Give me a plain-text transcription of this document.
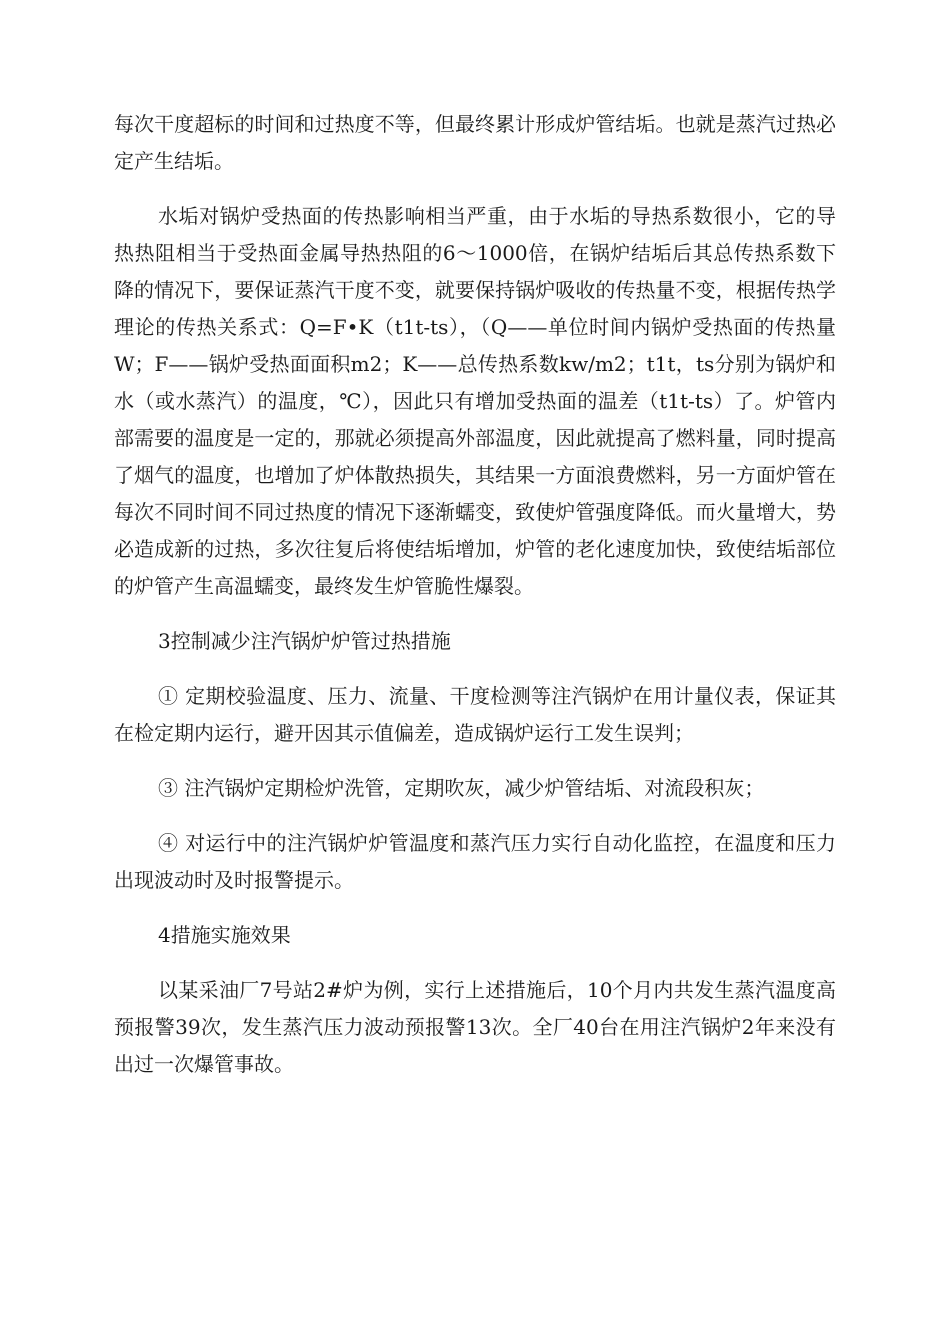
每次干度超标的时间和过热度不等，但最终累计形成炉管结垢。也就是蒸汽过热必定产生结垢。

水垢对锅炉受热面的传热影响相当严重，由于水垢的导热系数很小，它的导热热阻相当于受热面金属导热热阻的6～1000倍，在锅炉结垢后其总传热系数下降的情况下，要保证蒸汽干度不变，就要保持锅炉吸收的传热量不变，根据传热学理论的传热关系式：Q=F•K（t1t-ts），（Q——单位时间内锅炉受热面的传热量W；F——锅炉受热面面积m2；K——总传热系数kw/m2；t1t，ts分别为锅炉和水（或水蒸汽）的温度，℃），因此只有增加受热面的温差（t1t-ts）了。炉管内部需要的温度是一定的，那就必须提高外部温度，因此就提高了燃料量，同时提高了烟气的温度，也增加了炉体散热损失，其结果一方面浪费燃料，另一方面炉管在每次不同时间不同过热度的情况下逐渐蠕变，致使炉管强度降低。而火量增大，势必造成新的过热，多次往复后将使结垢增加，炉管的老化速度加快，致使结垢部位的炉管产生高温蠕变，最终发生炉管脆性爆裂。

3控制减少注汽锅炉炉管过热措施

① 定期校验温度、压力、流量、干度检测等注汽锅炉在用计量仪表，保证其在检定期内运行，避开因其示值偏差，造成锅炉运行工发生误判；

③ 注汽锅炉定期检炉洗管，定期吹灰，减少炉管结垢、对流段积灰；

④ 对运行中的注汽锅炉炉管温度和蒸汽压力实行自动化监控，在温度和压力出现波动时及时报警提示。

4措施实施效果

以某采油厂7号站2#炉为例，实行上述措施后，10个月内共发生蒸汽温度高预报警39次，发生蒸汽压力波动预报警13次。全厂40台在用注汽锅炉2年来没有出过一次爆管事故。
